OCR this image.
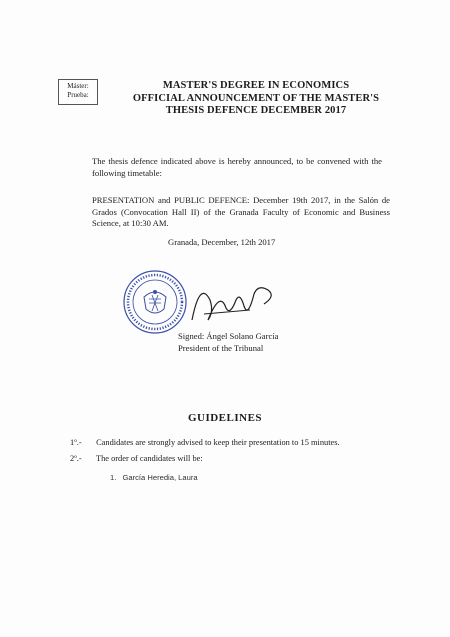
Máster:
Prueba:
MASTER'S DEGREE IN ECONOMICS
OFFICIAL ANNOUNCEMENT OF THE MASTER'S
THESIS DEFENCE DECEMBER 2017
The thesis defence indicated above is hereby announced, to be convened with the following timetable:
PRESENTATION and PUBLIC DEFENCE: December 19th 2017, in the Salón de Grados (Convocation Hall II) of the Granada Faculty of Economic and Business Science, at 10:30 AM.
Granada, December, 12th 2017
Signed: Ángel Solano García
President of the Tribunal
GUIDELINES
1º.- Candidates are strongly advised to keep their presentation to 15 minutes.
2º.- The order of candidates will be:
1. García Heredia, Laura
